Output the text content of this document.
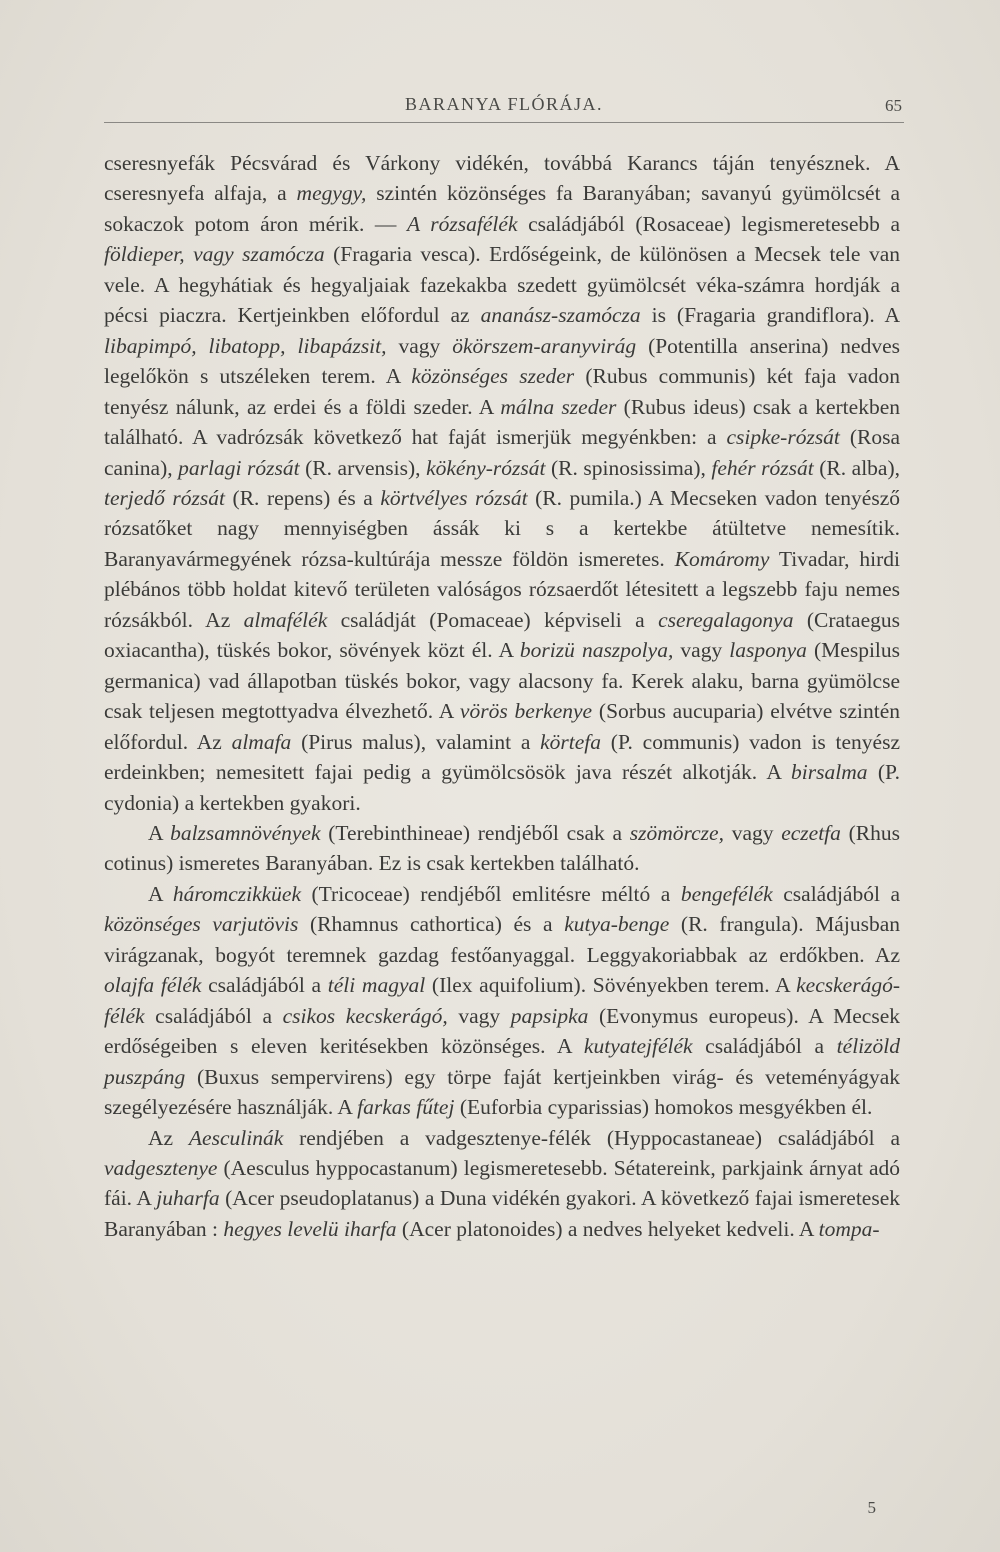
BARANYA FLÓRÁJA.	65

cseresnyefák Pécsvárad és Várkony vidékén, továbbá Karancs táján tenyésznek. A cseresnyefa alfaja, a megygy, szintén közönséges fa Baranyában; savanyú gyümölcsét a sokaczok potom áron mérik. — A rózsafélék családjából (Rosaceae) legismeretesebb a földieper, vagy szamócza (Fragaria vesca). Erdőségeink, de különösen a Mecsek tele van vele. A hegyhátiak és hegyaljaiak fazekakba szedett gyümölcsét véka-számra hordják a pécsi piaczra. Kertjeinkben előfordul az ananász-szamócza is (Fragaria grandiflora). A libapimpó, libatopp, libapázsit, vagy ökörszem-aranyvirág (Potentilla anserina) nedves legelőkön s utszéleken terem. A közönséges szeder (Rubus communis) két faja vadon tenyész nálunk, az erdei és a földi szeder. A málna szeder (Rubus ideus) csak a kertekben található. A vadrózsák következő hat faját ismerjük megyénkben: a csipke-rózsát (Rosa canina), parlagi rózsát (R. arvensis), kökény-rózsát (R. spinosissima), fehér rózsát (R. alba), terjedő rózsát (R. repens) és a körtvélyes rózsát (R. pumila.) A Mecseken vadon tenyésző rózsatőket nagy mennyiségben ássák ki s a kertekbe átültetve nemesítik. Baranyavármegyének rózsa-kultúrája messze földön ismeretes. Komáromy Tivadar, hirdi plébános több holdat kitevő területen valóságos rózsaerdőt létesitett a legszebb faju nemes rózsákból. Az almafélék családját (Pomaceae) képviseli a cseregalagonya (Crataegus oxiacantha), tüskés bokor, sövények közt él. A borizü naszpolya, vagy lasponya (Mespilus germanica) vad állapotban tüskés bokor, vagy alacsony fa. Kerek alaku, barna gyümölcse csak teljesen megtottyadva élvezhető. A vörös berkenye (Sorbus aucuparia) elvétve szintén előfordul. Az almafa (Pirus malus), valamint a körtefa (P. communis) vadon is tenyész erdeinkben; nemesitett fajai pedig a gyümölcsösök java részét alkotják. A birsalma (P. cydonia) a kertekben gyakori.

A balzsamnövények (Terebinthineae) rendjéből csak a szömörcze, vagy eczetfa (Rhus cotinus) ismeretes Baranyában. Ez is csak kertekben található.

A háromczikküek (Tricoceae) rendjéből emlitésre méltó a bengefélék családjából a közönséges varjutövis (Rhamnus cathortica) és a kutya-benge (R. frangula). Májusban virágzanak, bogyót teremnek gazdag festőanyaggal. Leggyakoriabbak az erdőkben. Az olajfa félék családjából a téli magyal (Ilex aquifolium). Sövényekben terem. A kecskerágó-félék családjából a csikos kecskerágó, vagy papsipka (Evonymus europeus). A Mecsek erdőségeiben s eleven keritésekben közönséges. A kutyatejfélék családjából a télizöld puszpáng (Buxus sempervirens) egy törpe faját kertjeinkben virág- és veteményágyak szegélyezésére használják. A farkas fűtej (Euforbia cyparissias) homokos mesgyékben él.

Az Aesculinák rendjében a vadgesztenye-félék (Hyppocastaneae) családjából a vadgesztenye (Aesculus hyppocastanum) legismeretesebb. Sétatereink, parkjaink árnyat adó fái. A juharfa (Acer pseudoplatanus) a Duna vidékén gyakori. A következő fajai ismeretesek Baranyában : hegyes levelü iharfa (Acer platonoides) a nedves helyeket kedveli. A tompa-

5
